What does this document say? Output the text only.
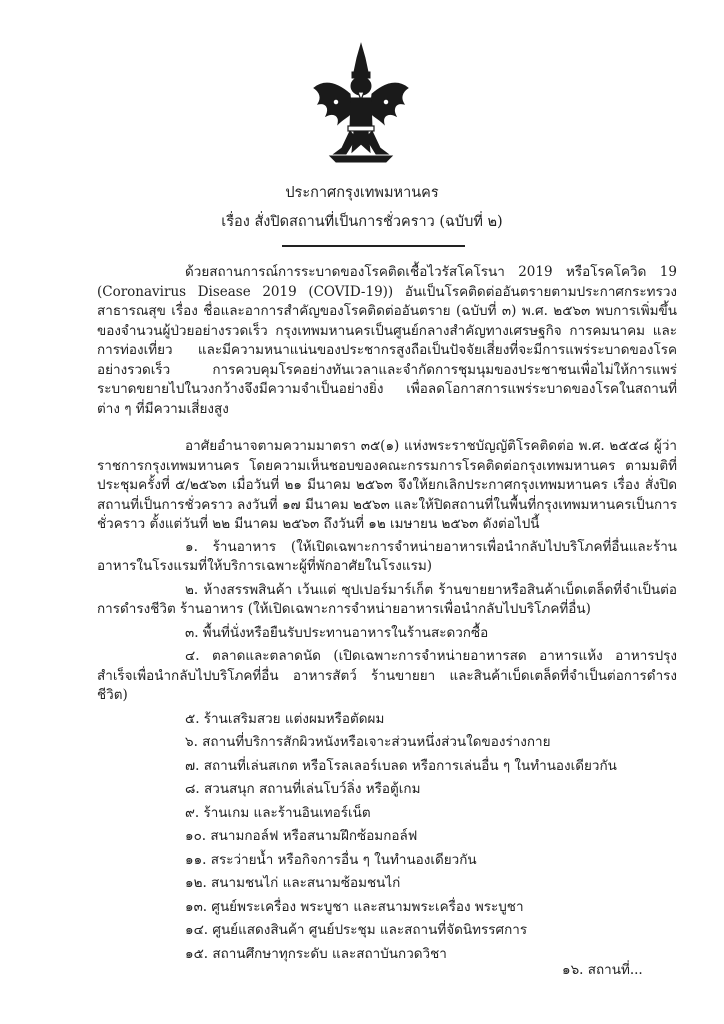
ประกาศกรุงเทพมหานคร
เรื่อง สั่งปิดสถานที่เป็นการชั่วคราว (ฉบับที่ ๒)

ด้วยสถานการณ์การระบาดของโรคติดเชื้อไวรัสโคโรนา 2019 หรือโรคโควิด 19 (Coronavirus Disease 2019 (COVID-19)) อันเป็นโรคติดต่ออันตรายตามประกาศกระทรวงสาธารณสุข เรื่อง ชื่อและอาการสำคัญของโรคติดต่ออันตราย (ฉบับที่ ๓) พ.ศ. ๒๕๖๓ พบการเพิ่มขึ้นของจำนวนผู้ป่วยอย่างรวดเร็ว กรุงเทพมหานครเป็นศูนย์กลางสำคัญทางเศรษฐกิจ การคมนาคม และการท่องเที่ยว และมีความหนาแน่นของประชากรสูงถือเป็นปัจจัยเสี่ยงที่จะมีการแพร่ระบาดของโรคอย่างรวดเร็ว การควบคุมโรคอย่างทันเวลาและจำกัดการชุมนุมของประชาชนเพื่อไม่ให้การแพร่ระบาดขยายไปในวงกว้างจึงมีความจำเป็นอย่างยิ่ง เพื่อลดโอกาสการแพร่ระบาดของโรคในสถานที่ต่าง ๆ ที่มีความเสี่ยงสูง

อาศัยอำนาจตามความมาตรา ๓๕(๑) แห่งพระราชบัญญัติโรคติดต่อ พ.ศ. ๒๕๕๘ ผู้ว่าราชการกรุงเทพมหานคร โดยความเห็นชอบของคณะกรรมการโรคติดต่อกรุงเทพมหานคร ตามมติที่ประชุมครั้งที่ ๕/๒๕๖๓ เมื่อวันที่ ๒๑ มีนาคม ๒๕๖๓ จึงให้ยกเลิกประกาศกรุงเทพมหานคร เรื่อง สั่งปิดสถานที่เป็นการชั่วคราว ลงวันที่ ๑๗ มีนาคม ๒๕๖๓ และให้ปิดสถานที่ในพื้นที่กรุงเทพมหานครเป็นการชั่วคราว ตั้งแต่วันที่ ๒๒ มีนาคม ๒๕๖๓ ถึงวันที่ ๑๒ เมษายน ๒๕๖๓ ดังต่อไปนี้

๑. ร้านอาหาร (ให้เปิดเฉพาะการจำหน่ายอาหารเพื่อนำกลับไปบริโภคที่อื่นและร้านอาหารในโรงแรมที่ให้บริการเฉพาะผู้ที่พักอาศัยในโรงแรม)
๒. ห้างสรรพสินค้า เว้นแต่ ซุปเปอร์มาร์เก็ต ร้านขายยาหรือสินค้าเบ็ดเตล็ดที่จำเป็นต่อการดำรงชีวิต ร้านอาหาร (ให้เปิดเฉพาะการจำหน่ายอาหารเพื่อนำกลับไปบริโภคที่อื่น)
๓. พื้นที่นั่งหรือยืนรับประทานอาหารในร้านสะดวกซื้อ
๔. ตลาดและตลาดนัด (เปิดเฉพาะการจำหน่ายอาหารสด อาหารแห้ง อาหารปรุงสำเร็จเพื่อนำกลับไปบริโภคที่อื่น อาหารสัตว์ ร้านขายยา และสินค้าเบ็ดเตล็ดที่จำเป็นต่อการดำรงชีวิต)
๕. ร้านเสริมสวย แต่งผมหรือตัดผม
๖. สถานที่บริการสักผิวหนังหรือเจาะส่วนหนึ่งส่วนใดของร่างกาย
๗. สถานที่เล่นสเกต หรือโรลเลอร์เบลด หรือการเล่นอื่น ๆ ในทำนองเดียวกัน
๘. สวนสนุก สถานที่เล่นโบว์ลิ่ง หรือตู้เกม
๙. ร้านเกม และร้านอินเทอร์เน็ต
๑๐. สนามกอล์ฟ หรือสนามฝึกซ้อมกอล์ฟ
๑๑. สระว่ายน้ำ หรือกิจการอื่น ๆ ในทำนองเดียวกัน
๑๒. สนามชนไก่ และสนามซ้อมชนไก่
๑๓. ศูนย์พระเครื่อง พระบูชา และสนามพระเครื่อง พระบูชา
๑๔. ศูนย์แสดงสินค้า ศูนย์ประชุม และสถานที่จัดนิทรรศการ
๑๕. สถานศึกษาทุกระดับ และสถาบันกวดวิชา
๑๖. สถานที่...
